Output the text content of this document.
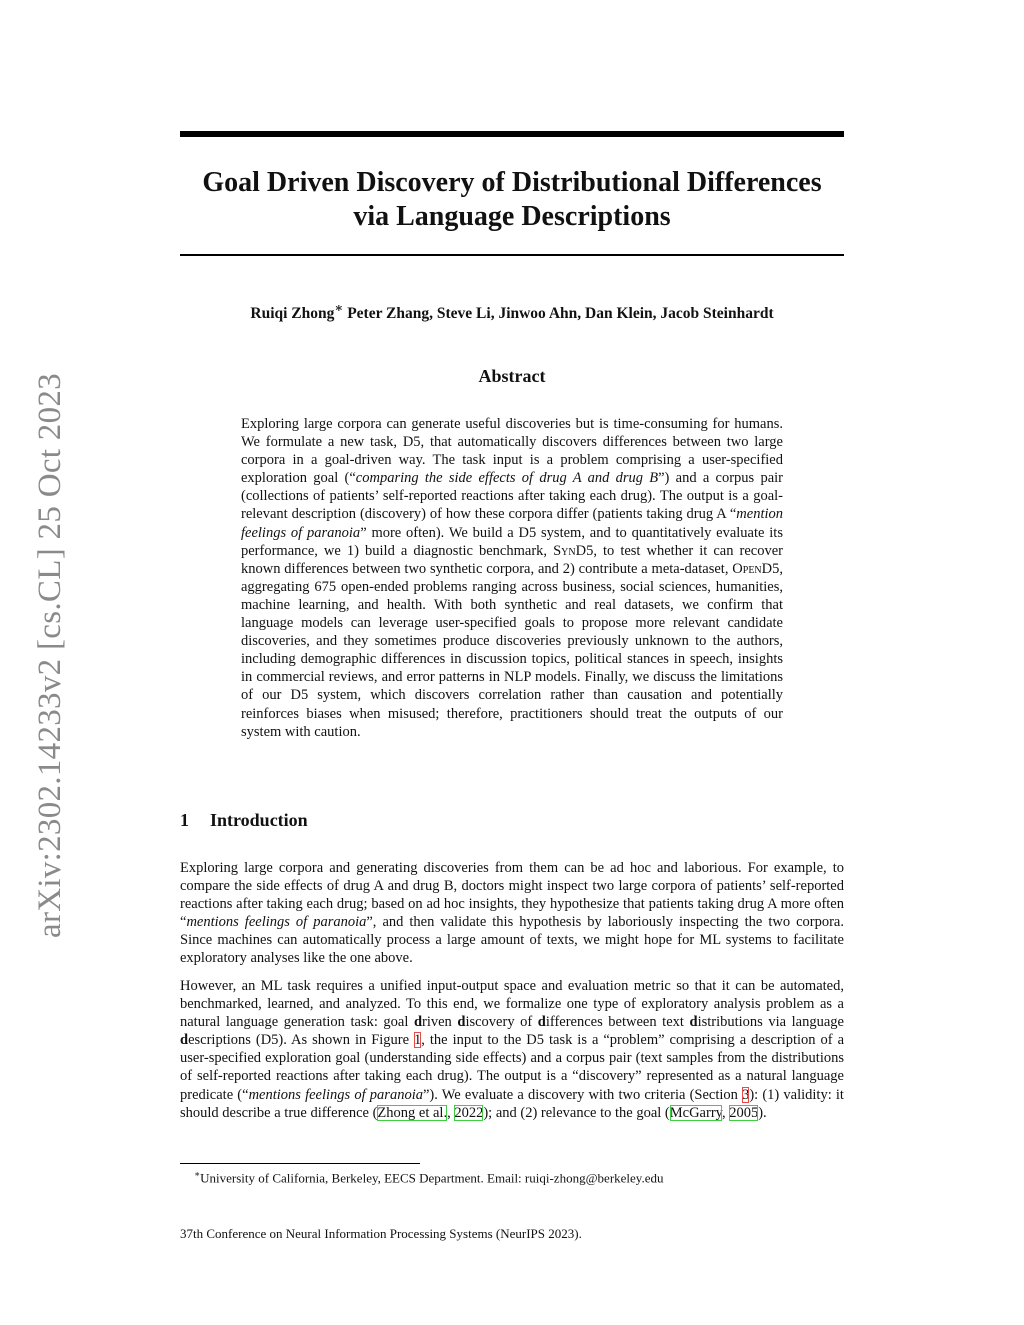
arXiv:2302.14233v2 [cs.CL] 25 Oct 2023
Goal Driven Discovery of Distributional Differences
via Language Descriptions
Ruiqi Zhong∗ Peter Zhang, Steve Li, Jinwoo Ahn, Dan Klein, Jacob Steinhardt
Abstract

Exploring large corpora can generate useful discoveries but is time-consuming for humans. We formulate a new task, D5, that automatically discovers differences between two large corpora in a goal-driven way. The task input is a problem comprising a user-specified exploration goal (“comparing the side effects of drug A and drug B”) and a corpus pair (collections of patients’ self-reported reactions after taking each drug). The output is a goal-relevant description (discovery) of how these corpora differ (patients taking drug A “mention feelings of paranoia” more often). We build a D5 system, and to quantitatively evaluate its performance, we 1) build a diagnostic benchmark, SynD5, to test whether it can recover known differences between two synthetic corpora, and 2) contribute a meta-dataset, OpenD5, aggregating 675 open-ended problems ranging across business, social sciences, humanities, machine learning, and health. With both synthetic and real datasets, we confirm that language models can leverage user-specified goals to propose more relevant candidate discoveries, and they sometimes produce discoveries previously unknown to the authors, including demographic differences in discussion topics, political stances in speech, insights in commercial reviews, and error patterns in NLP models. Finally, we discuss the limitations of our D5 system, which discovers correlation rather than causation and potentially reinforces biases when misused; therefore, practitioners should treat the outputs of our system with caution.

1 Introduction

Exploring large corpora and generating discoveries from them can be ad hoc and laborious. For example, to compare the side effects of drug A and drug B, doctors might inspect two large corpora of patients’ self-reported reactions after taking each drug; based on ad hoc insights, they hypothesize that patients taking drug A more often “mentions feelings of paranoia”, and then validate this hypothesis by laboriously inspecting the two corpora. Since machines can automatically process a large amount of texts, we might hope for ML systems to facilitate exploratory analyses like the one above.

However, an ML task requires a unified input-output space and evaluation metric so that it can be automated, benchmarked, learned, and analyzed. To this end, we formalize one type of exploratory analysis problem as a natural language generation task: goal driven discovery of differences between text distributions via language descriptions (D5). As shown in Figure 1, the input to the D5 task is a “problem” comprising a description of a user-specified exploration goal (understanding side effects) and a corpus pair (text samples from the distributions of self-reported reactions after taking each drug). The output is a “discovery” represented as a natural language predicate (“mentions feelings of paranoia”). We evaluate a discovery with two criteria (Section 3): (1) validity: it should describe a true difference (Zhong et al., 2022); and (2) relevance to the goal (McGarry, 2005).

∗University of California, Berkeley, EECS Department. Email: ruiqi-zhong@berkeley.edu
37th Conference on Neural Information Processing Systems (NeurIPS 2023).
